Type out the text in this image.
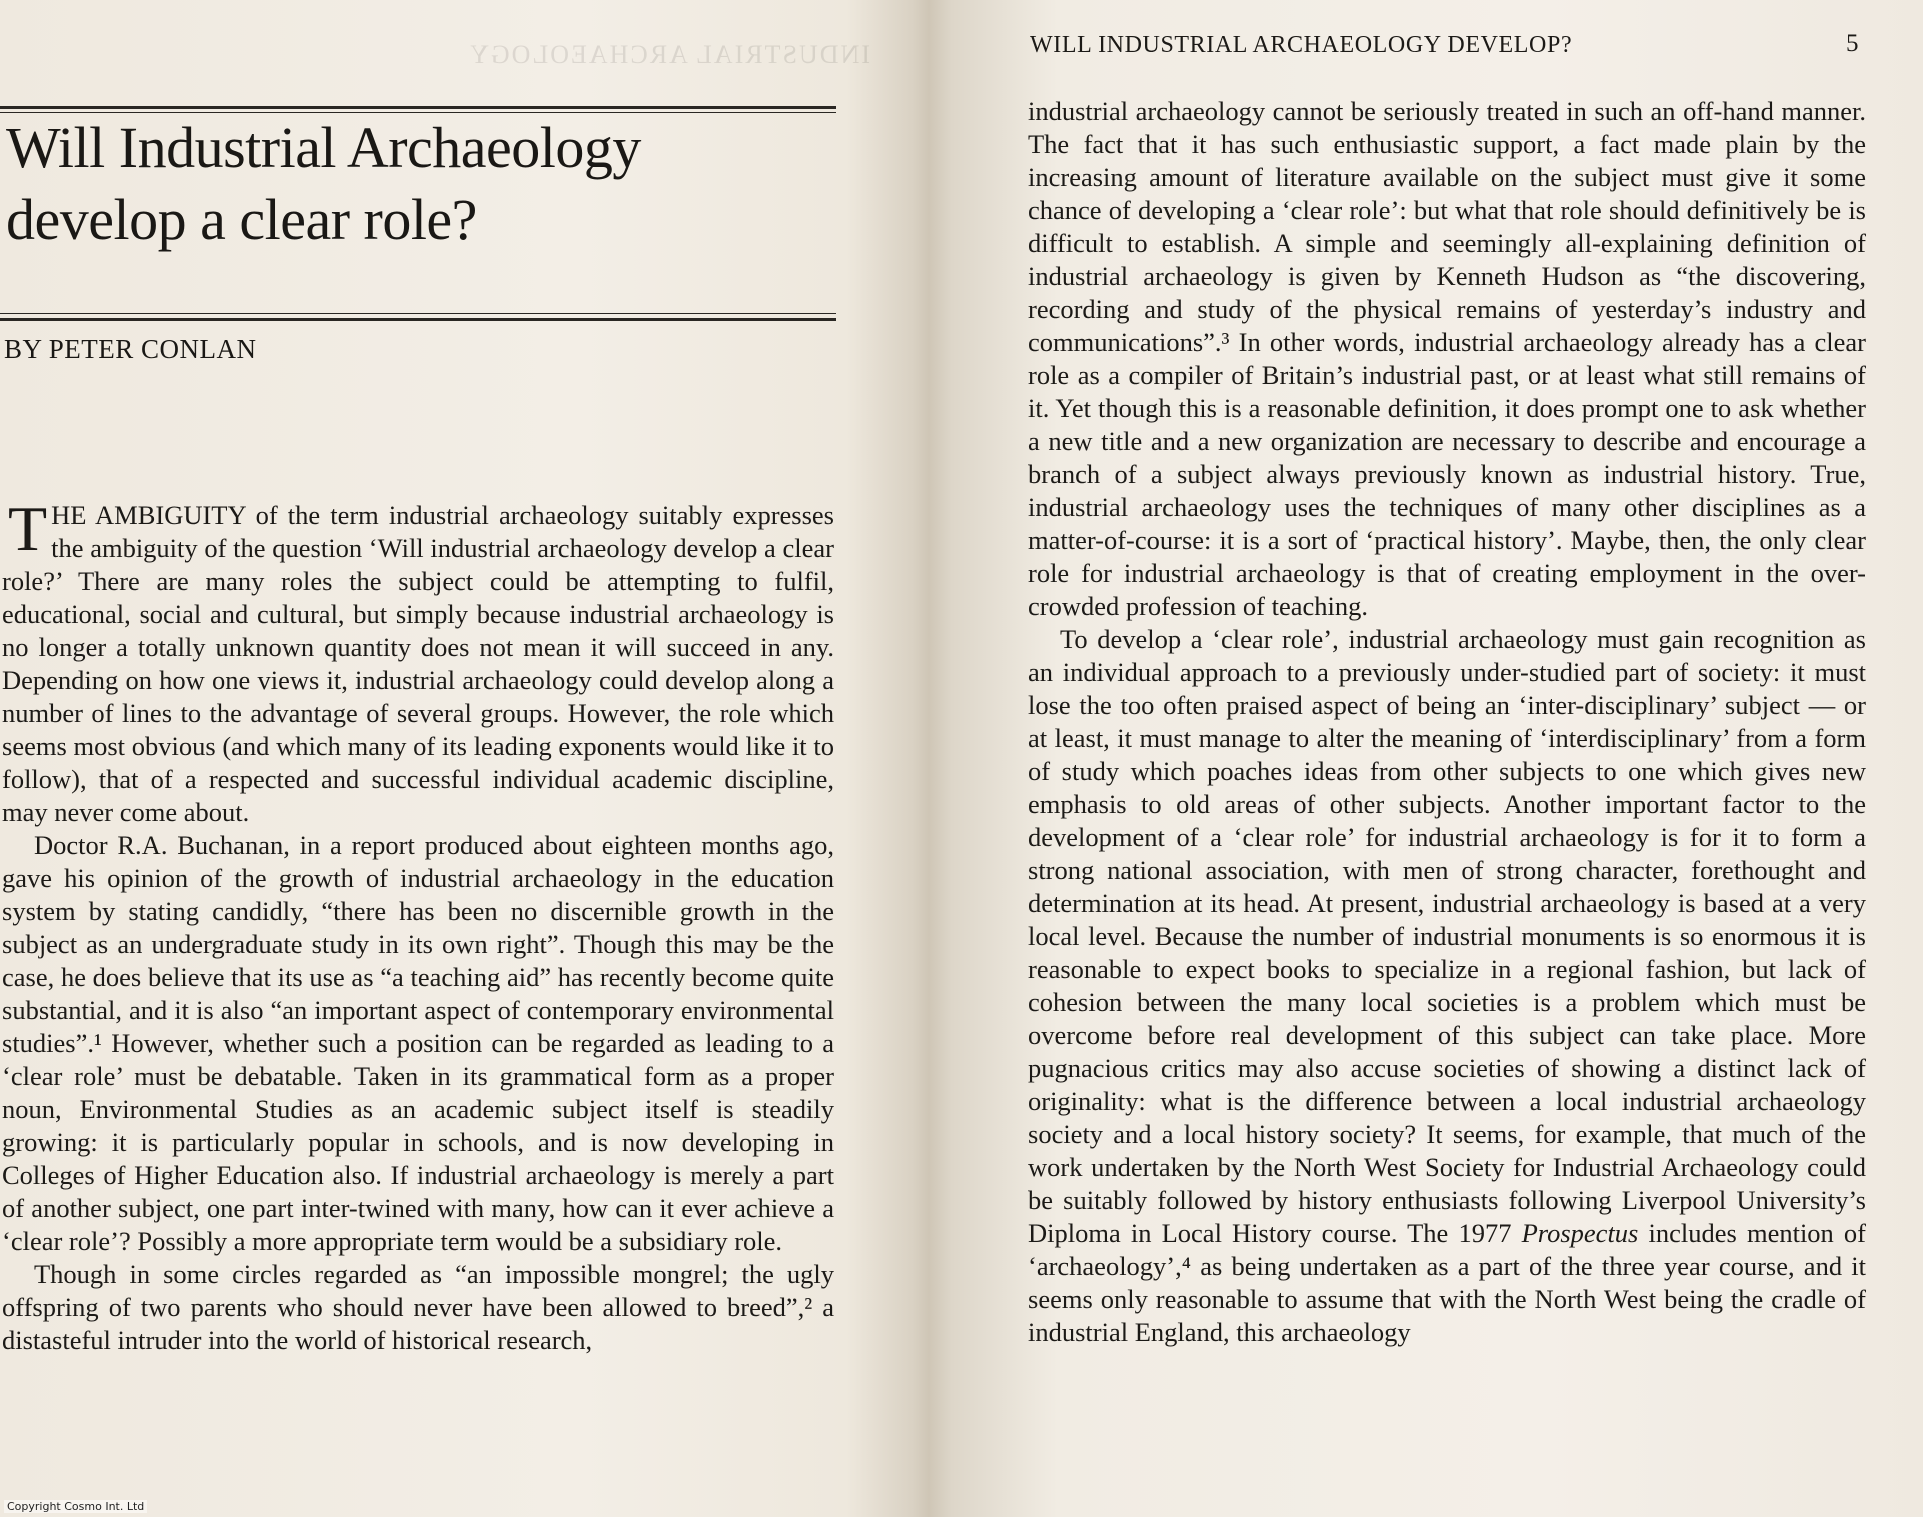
INDUSTRIAL ARCHAEOLOGY
Will Industrial Archaeology
develop a clear role?

BY PETER CONLAN

THE AMBIGUITY of the term industrial archaeology suitably expresses the ambiguity of the question ‘Will industrial archaeology develop a clear role?’ There are many roles the subject could be attempting to fulfil, educational, social and cultural, but simply because industrial archaeology is no longer a totally unknown quantity does not mean it will succeed in any. Depending on how one views it, industrial archaeology could develop along a number of lines to the advantage of several groups. However, the role which seems most obvious (and which many of its leading exponents would like it to follow), that of a respected and successful individual academic discipline, may never come about.

Doctor R.A. Buchanan, in a report produced about eighteen months ago, gave his opinion of the growth of industrial archaeology in the education system by stating candidly, “there has been no discernible growth in the subject as an undergraduate study in its own right”. Though this may be the case, he does believe that its use as “a teaching aid” has recently become quite substantial, and it is also “an important aspect of contemporary environmental studies”.¹ However, whether such a position can be regarded as leading to a ‘clear role’ must be debatable. Taken in its grammatical form as a proper noun, Environmental Studies as an academic subject itself is steadily growing: it is particularly popular in schools, and is now developing in Colleges of Higher Education also. If industrial archaeology is merely a part of another subject, one part inter-twined with many, how can it ever achieve a ‘clear role’? Possibly a more appropriate term would be a subsidiary role.

Though in some circles regarded as “an impossible mongrel; the ugly offspring of two parents who should never have been allowed to breed”,² a distasteful intruder into the world of historical research,

WILL INDUSTRIAL ARCHAEOLOGY DEVELOP?	5

industrial archaeology cannot be seriously treated in such an off-hand manner. The fact that it has such enthusiastic support, a fact made plain by the increasing amount of literature available on the subject must give it some chance of developing a ‘clear role’: but what that role should definitively be is difficult to establish. A simple and seemingly all-explaining definition of industrial archaeology is given by Kenneth Hudson as “the discovering, recording and study of the physical remains of yesterday’s industry and communications”.³ In other words, industrial archaeology already has a clear role as a compiler of Britain’s industrial past, or at least what still remains of it. Yet though this is a reasonable definition, it does prompt one to ask whether a new title and a new organization are necessary to describe and encourage a branch of a subject always previously known as industrial history. True, industrial archaeology uses the techniques of many other disciplines as a matter-of-course: it is a sort of ‘practical history’. Maybe, then, the only clear role for industrial archaeology is that of creating employment in the over-crowded profession of teaching.

To develop a ‘clear role’, industrial archaeology must gain recognition as an individual approach to a previously under-studied part of society: it must lose the too often praised aspect of being an ‘inter-disciplinary’ subject — or at least, it must manage to alter the meaning of ‘interdisciplinary’ from a form of study which poaches ideas from other subjects to one which gives new emphasis to old areas of other subjects. Another important factor to the development of a ‘clear role’ for industrial archaeology is for it to form a strong national association, with men of strong character, forethought and determination at its head. At present, industrial archaeology is based at a very local level. Because the number of industrial monuments is so enormous it is reasonable to expect books to specialize in a regional fashion, but lack of cohesion between the many local societies is a problem which must be overcome before real development of this subject can take place. More pugnacious critics may also accuse societies of showing a distinct lack of originality: what is the difference between a local industrial archaeology society and a local history society? It seems, for example, that much of the work undertaken by the North West Society for Industrial Archaeology could be suitably followed by history enthusiasts following Liverpool University’s Diploma in Local History course. The 1977 Prospectus includes mention of ‘archaeology’,⁴ as being undertaken as a part of the three year course, and it seems only reasonable to assume that with the North West being the cradle of industrial England, this archaeology

Copyright Cosmo Int. Ltd
